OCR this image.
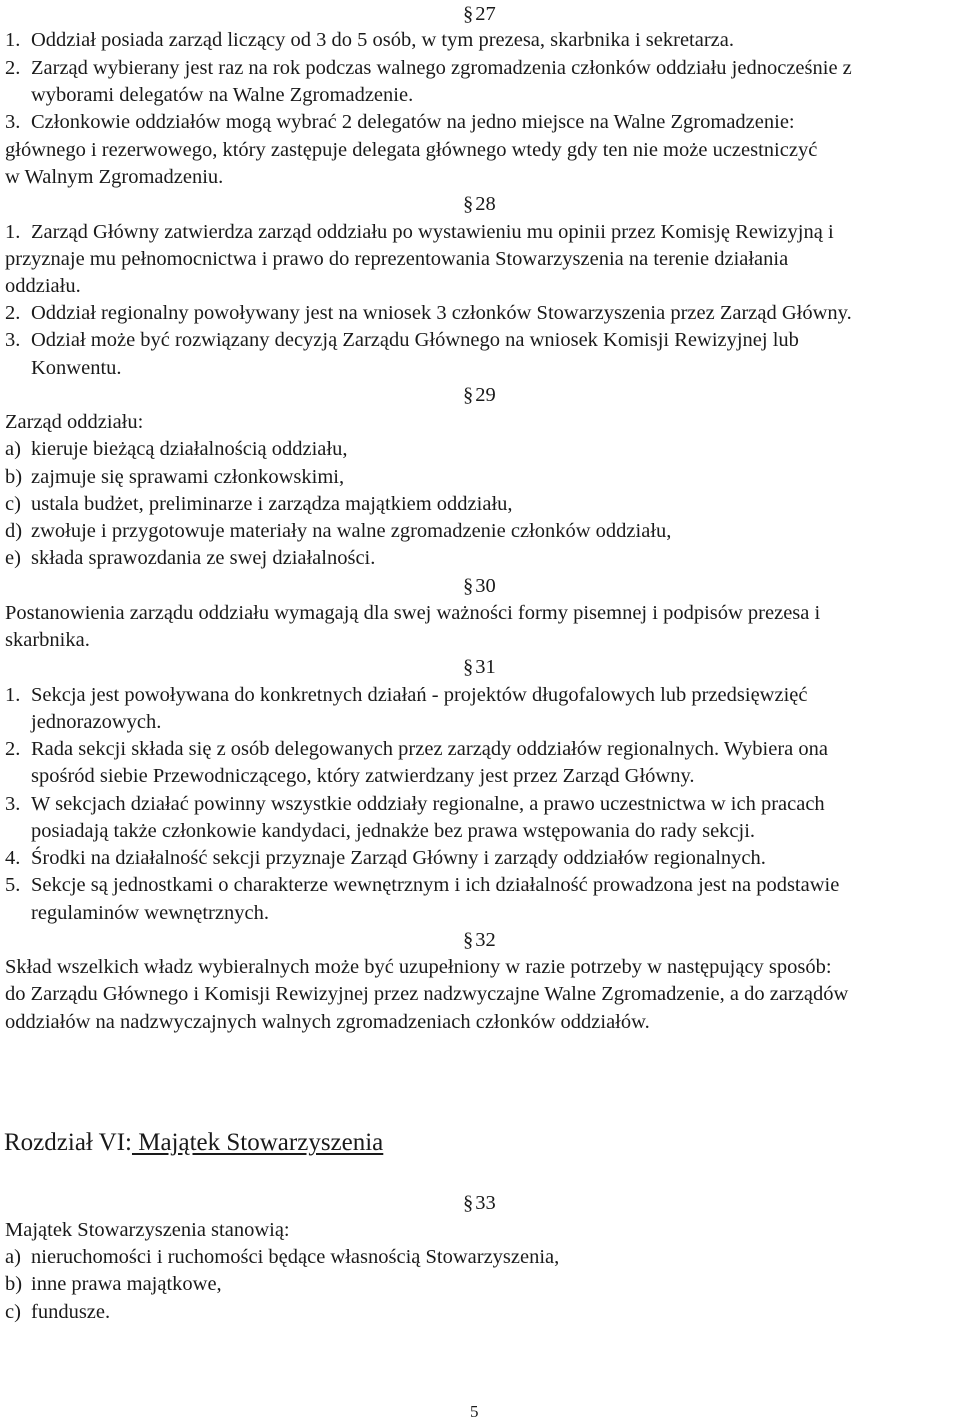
§27
1. Oddział posiada zarząd liczący od 3 do 5 osób, w tym prezesa, skarbnika i sekretarza.
2. Zarząd wybierany jest raz na rok podczas walnego zgromadzenia członków oddziału jednocześnie z
wyborami delegatów na Walne Zgromadzenie.
3. Członkowie oddziałów mogą wybrać 2 delegatów na jedno miejsce na Walne Zgromadzenie:
głównego i rezerwowego, który zastępuje delegata głównego wtedy gdy ten nie może uczestniczyć
w Walnym Zgromadzeniu.
§28
1. Zarząd Główny zatwierdza zarząd oddziału po wystawieniu mu opinii przez Komisję Rewizyjną i
przyznaje mu pełnomocnictwa i prawo do reprezentowania Stowarzyszenia na terenie działania
oddziału.
2. Oddział regionalny powoływany jest na wniosek 3 członków Stowarzyszenia przez Zarząd Główny.
3. Odział może być rozwiązany decyzją Zarządu Głównego na wniosek Komisji Rewizyjnej lub
Konwentu.
§29
Zarząd oddziału:
a) kieruje bieżącą działalnością oddziału,
b) zajmuje się sprawami członkowskimi,
c) ustala budżet, preliminarze i zarządza majątkiem oddziału,
d) zwołuje i przygotowuje materiały na walne zgromadzenie członków oddziału,
e) składa sprawozdania ze swej działalności.
§30
Postanowienia zarządu oddziału wymagają dla swej ważności formy pisemnej i podpisów prezesa i
skarbnika.
§31
1. Sekcja jest powoływana do konkretnych działań - projektów długofalowych lub przedsięwzięć
jednorazowych.
2. Rada sekcji składa się z osób delegowanych przez zarządy oddziałów regionalnych. Wybiera ona
spośród siebie Przewodniczącego, który zatwierdzany jest przez Zarząd Główny.
3. W sekcjach działać powinny wszystkie oddziały regionalne, a prawo uczestnictwa w ich pracach
posiadają także członkowie kandydaci, jednakże bez prawa wstępowania do rady sekcji.
4. Środki na działalność sekcji przyznaje Zarząd Główny i zarządy oddziałów regionalnych.
5. Sekcje są jednostkami o charakterze wewnętrznym i ich działalność prowadzona jest na podstawie
regulaminów wewnętrznych.
§32
Skład wszelkich władz wybieralnych może być uzupełniony w razie potrzeby w następujący sposób:
do Zarządu Głównego i Komisji Rewizyjnej przez nadzwyczajne Walne Zgromadzenie, a do zarządów
oddziałów na nadzwyczajnych walnych zgromadzeniach członków oddziałów.
Rozdział VI: Majątek Stowarzyszenia
§33
Majątek Stowarzyszenia stanowią:
a) nieruchomości i ruchomości będące własnością Stowarzyszenia,
b) inne prawa majątkowe,
c) fundusze.
5
